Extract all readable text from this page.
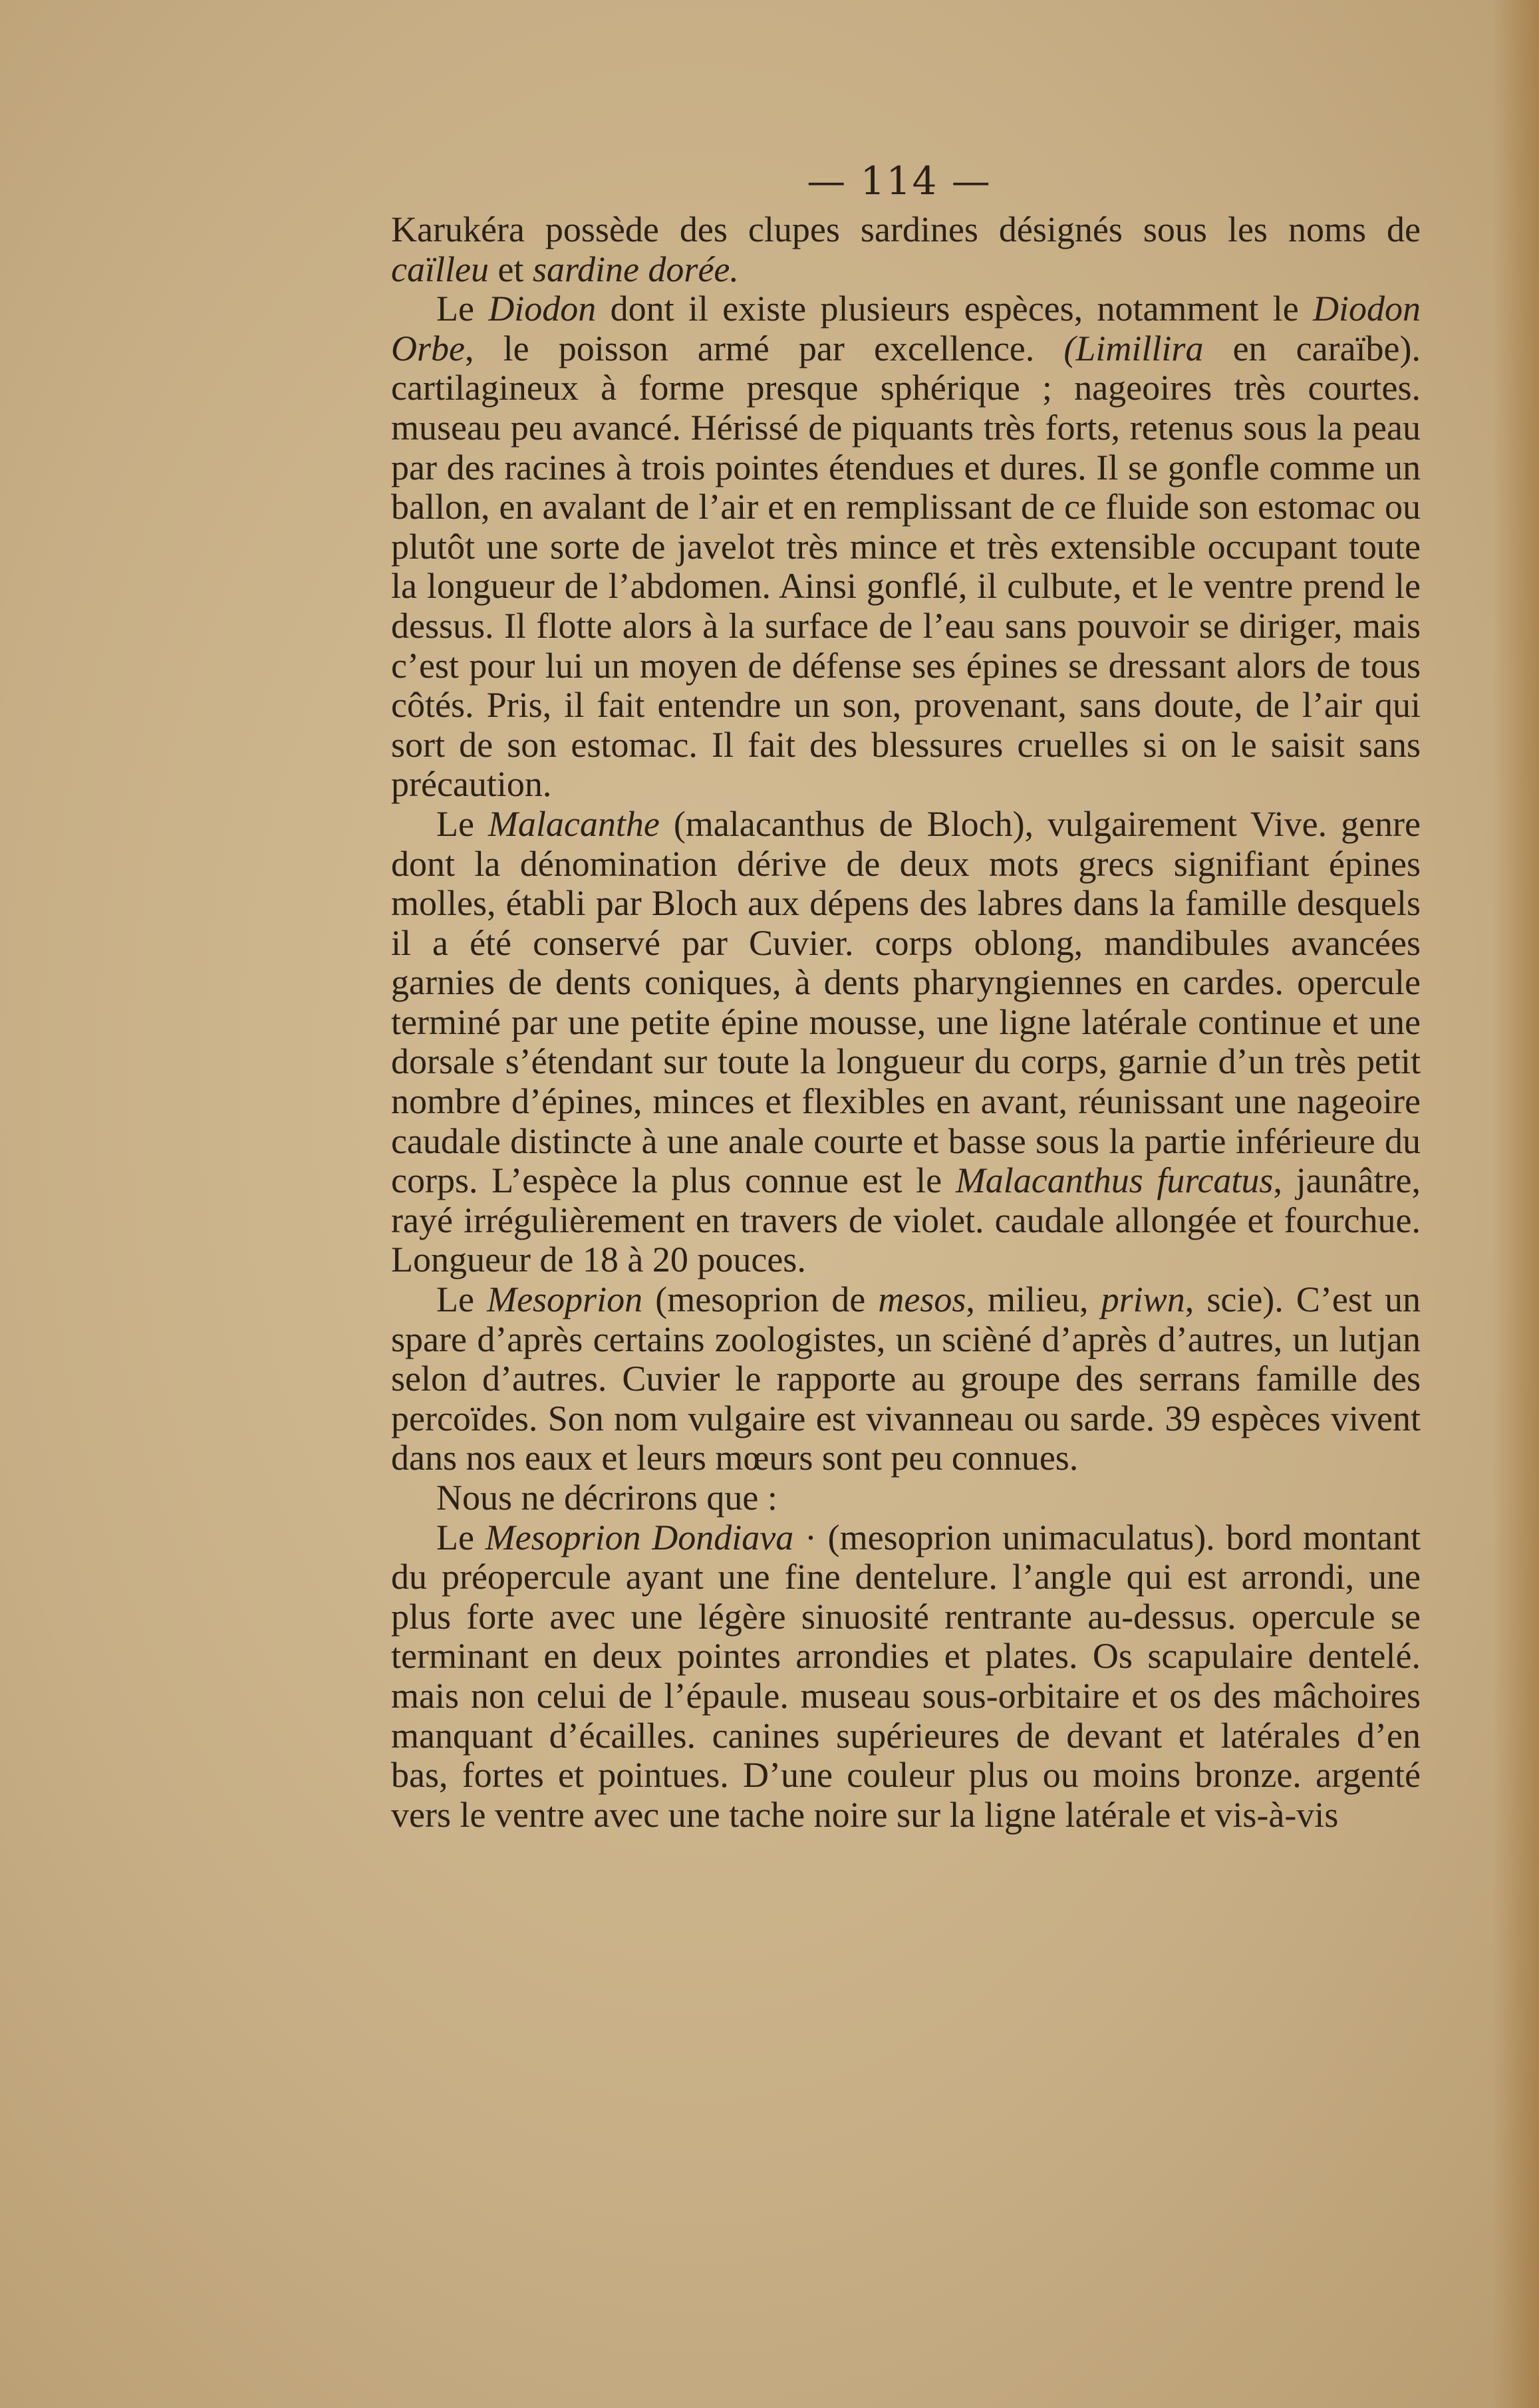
— 114 —

Karukéra possède des clupes sardines désignés sous les noms de caïlleu et sardine dorée.

Le Diodon dont il existe plusieurs espèces, notamment le Diodon Orbe, le poisson armé par excellence. (Limillira en caraïbe). cartilagineux à forme presque sphérique ; nageoires très courtes. museau peu avancé. Hérissé de piquants très forts, retenus sous la peau par des racines à trois pointes étendues et dures. Il se gonfle comme un ballon, en avalant de l’air et en remplissant de ce fluide son estomac ou plutôt une sorte de javelot très mince et très extensible occupant toute la longueur de l’abdomen. Ainsi gonflé, il culbute, et le ventre prend le dessus. Il flotte alors à la surface de l’eau sans pouvoir se diriger, mais c’est pour lui un moyen de défense ses épines se dressant alors de tous côtés. Pris, il fait entendre un son, provenant, sans doute, de l’air qui sort de son estomac. Il fait des blessures cruelles si on le saisit sans précaution.

Le Malacanthe (malacanthus de Bloch), vulgairement Vive. genre dont la dénomination dérive de deux mots grecs signifiant épines molles, établi par Bloch aux dépens des labres dans la famille desquels il a été conservé par Cuvier. corps oblong, mandibules avancées garnies de dents coniques, à dents pharyngiennes en cardes. opercule terminé par une petite épine mousse, une ligne latérale continue et une dorsale s’étendant sur toute la longueur du corps, garnie d’un très petit nombre d’épines, minces et flexibles en avant, réunissant une nageoire caudale distincte à une anale courte et basse sous la partie inférieure du corps. L’espèce la plus connue est le Malacanthus furcatus, jaunâtre, rayé irrégulièrement en travers de violet. caudale allongée et fourchue. Longueur de 18 à 20 pouces.

Le Mesoprion (mesoprion de mesos, milieu, priwn, scie). C’est un spare d’après certains zoologistes, un scièné d’après d’autres, un lutjan selon d’autres. Cuvier le rapporte au groupe des serrans famille des percoïdes. Son nom vulgaire est vivanneau ou sarde. 39 espèces vivent dans nos eaux et leurs mœurs sont peu connues.

Nous ne décrirons que :

Le Mesoprion Dondiava · (mesoprion unimaculatus). bord montant du préopercule ayant une fine dentelure. l’angle qui est arrondi, une plus forte avec une légère sinuosité rentrante au-dessus. opercule se terminant en deux pointes arrondies et plates. Os scapulaire dentelé. mais non celui de l’épaule. museau sous-orbitaire et os des mâchoires manquant d’écailles. canines supérieures de devant et latérales d’en bas, fortes et pointues. D’une couleur plus ou moins bronze. argenté vers le ventre avec une tache noire sur la ligne latérale et vis-à-vis
